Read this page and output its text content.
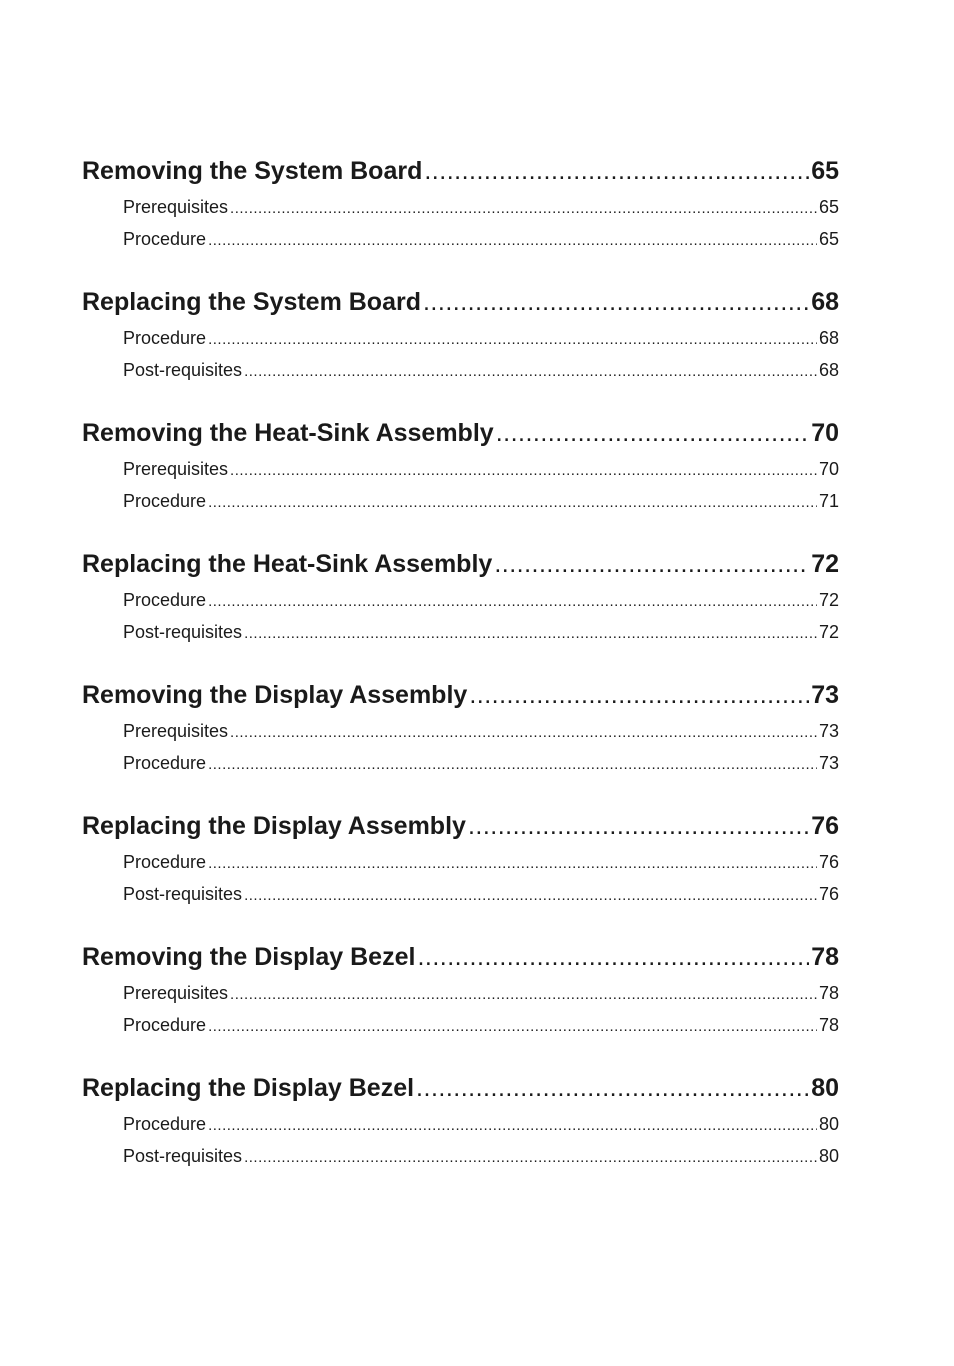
Removing the System Board .....	65
Prerequisites .....	65
Procedure .....	65
Replacing the System Board .....	68
Procedure .....	68
Post-requisites .....	68
Removing the Heat-Sink Assembly .....	70
Prerequisites .....	70
Procedure .....	71
Replacing the Heat-Sink Assembly .....	72
Procedure .....	72
Post-requisites .....	72
Removing the Display Assembly .....	73
Prerequisites .....	73
Procedure .....	73
Replacing the Display Assembly .....	76
Procedure .....	76
Post-requisites .....	76
Removing the Display Bezel .....	78
Prerequisites .....	78
Procedure .....	78
Replacing the Display Bezel .....	80
Procedure .....	80
Post-requisites .....	80
